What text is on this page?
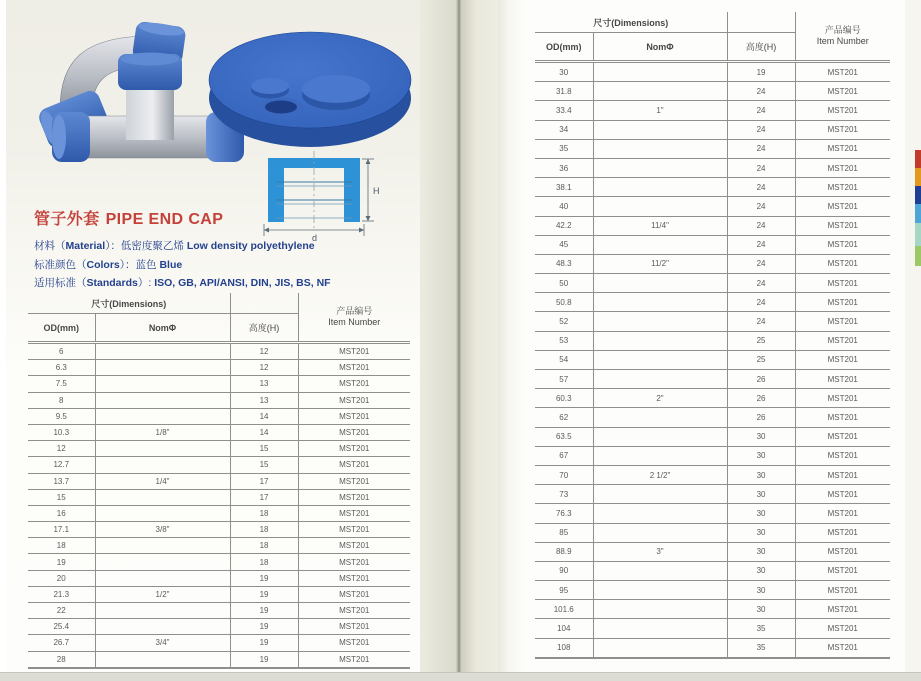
H
d
管子外套 PIPE END CAP
材料（Material）：低密度聚乙烯 Low density polyethylene
标准颜色（Colors）：蓝色 Blue
适用标准（Standards）: ISO, GB, API/ANSI, DIN, JIS, BS, NF
尺寸(Dimensions)			产品编号
Item Number
OD(mm)	NomΦ	高度(H)	
6		12	MST201
6.3		12	MST201
7.5		13	MST201
8		13	MST201
9.5		14	MST201
10.3	1/8"	14	MST201
12		15	MST201
12.7		15	MST201
13.7	1/4"	17	MST201
15		17	MST201
16		18	MST201
17.1	3/8"	18	MST201
18		18	MST201
19		18	MST201
20		19	MST201
21.3	1/2"	19	MST201
22		19	MST201
25.4		19	MST201
26.7	3/4"	19	MST201
28		19	MST201
尺寸(Dimensions)			产品编号
Item Number
OD(mm)	NomΦ	高度(H)	
30		19	MST201
31.8		24	MST201
33.4	1"	24	MST201
34		24	MST201
35		24	MST201
36		24	MST201
38.1		24	MST201
40		24	MST201
42.2	11/4"	24	MST201
45		24	MST201
48.3	11/2"	24	MST201
50		24	MST201
50.8		24	MST201
52		24	MST201
53		25	MST201
54		25	MST201
57		26	MST201
60.3	2"	26	MST201
62		26	MST201
63.5		30	MST201
67		30	MST201
70	2 1/2"	30	MST201
73		30	MST201
76.3		30	MST201
85		30	MST201
88.9	3"	30	MST201
90		30	MST201
95		30	MST201
101.6		30	MST201
104		35	MST201
108		35	MST201
